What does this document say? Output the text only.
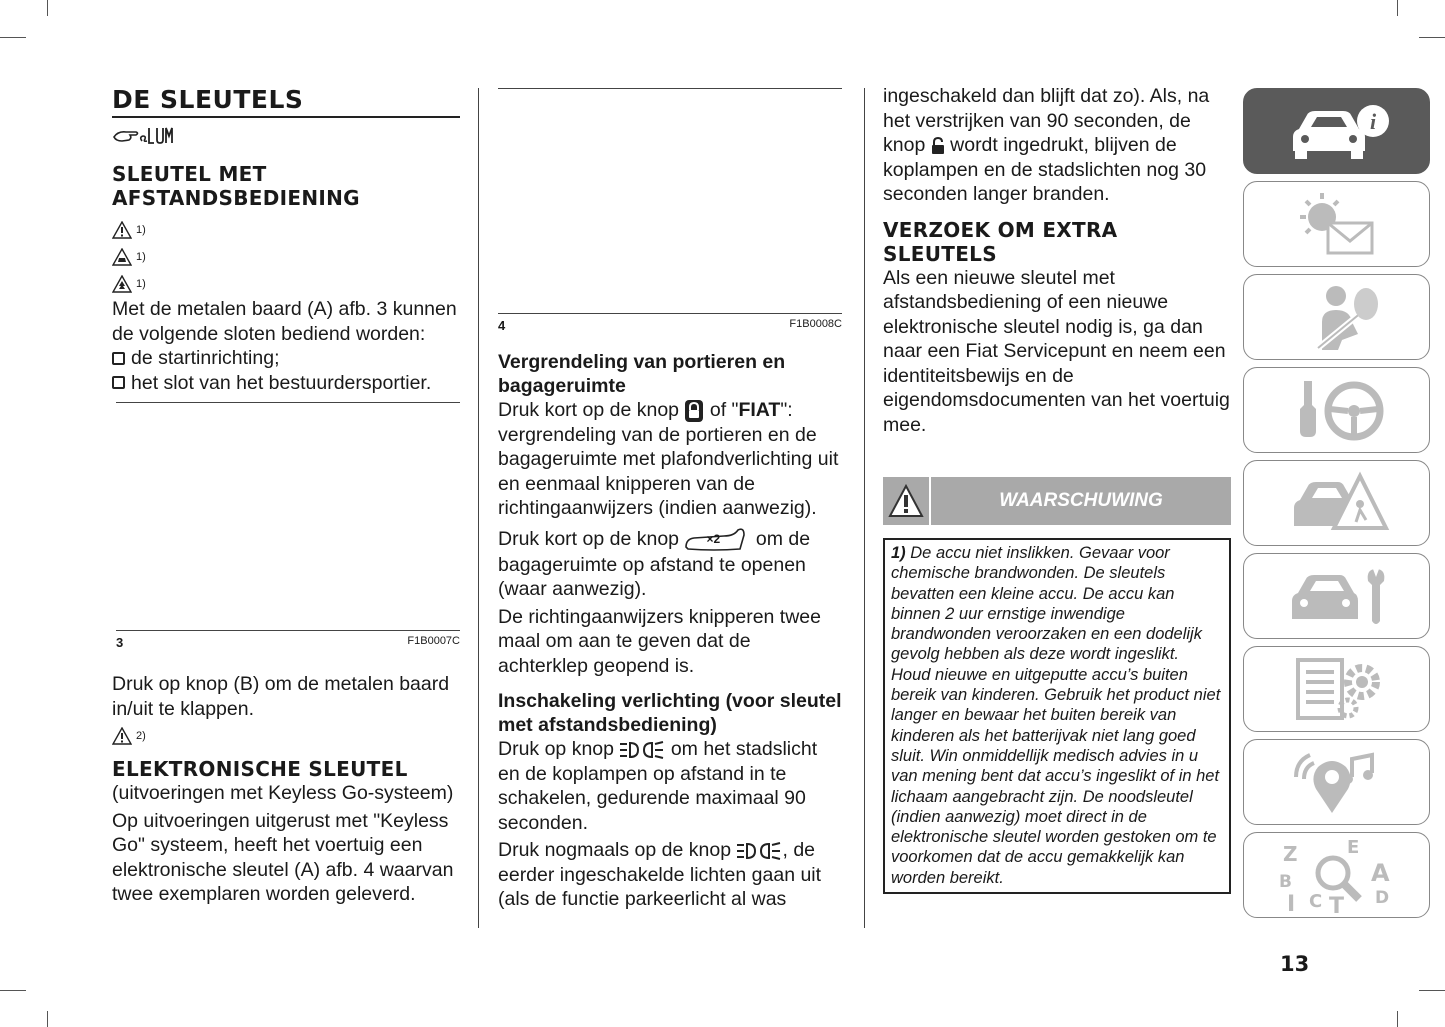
DE SLEUTELS
SLEUTEL MET AFSTANDSBEDIENING
1)
1)
1)

Met de metalen baard (A) afb. 3 kunnen de volgende sloten bediend worden:

de startinrichting;
het slot van het bestuurdersportier.
3	F1B0007C

Druk op knop (B) om de metalen baard in/uit te klappen.

2)
ELEKTRONISCHE SLEUTEL

(uitvoeringen met Keyless Go-systeem)

Op uitvoeringen uitgerust met "Keyless Go" systeem, heeft het voertuig een elektronische sleutel (A) afb. 4 waarvan twee exemplaren worden geleverd.

4	F1B0008C
Vergrendeling van portieren en bagageruimte

Druk kort op de knop of "FIAT": vergrendeling van de portieren en de bagageruimte met plafondverlichting uit en eenmaal knipperen van de richtingaanwijzers (indien aanwezig).

Druk kort op de knop ×2 om de bagageruimte op afstand te openen (waar aanwezig).

De richtingaanwijzers knipperen twee maal om aan te geven dat de achterklep geopend is.

Inschakeling verlichting (voor sleutel met afstandsbediening)

Druk op knop	om het stadslicht en de koplampen op afstand in te schakelen, gedurende maximaal 90 seconden.

Druk nogmaals op de knop	, de eerder ingeschakelde lichten gaan uit (als de functie parkeerlicht al was

ingeschakeld dan blijft dat zo). Als, na het verstrijken van 90 seconden, de knop wordt ingedrukt, blijven de koplampen en de stadslichten nog 30 seconden langer branden.

VERZOEK OM EXTRA SLEUTELS

Als een nieuwe sleutel met afstandsbediening of een nieuwe elektronische sleutel nodig is, ga dan naar een Fiat Servicepunt en neem een identiteitsbewijs en de eigendomsdocumenten van het voertuig mee.

WAARSCHUWING
1) De accu niet inslikken. Gevaar voor chemische brandwonden. De sleutels bevatten een kleine accu. De accu kan binnen 2 uur ernstige inwendige brandwonden veroorzaken en een dodelijk gevolg hebben als deze wordt ingeslikt. Houd nieuwe en uitgeputte accu’s buiten bereik van kinderen. Gebruik het product niet langer en bewaar het buiten bereik van kinderen als het batterijvak niet lang goed sluit. Win onmiddellijk medisch advies in u van mening bent dat accu’s ingeslikt of in het lichaam aangebracht zijn. De noodsleutel (indien aanwezig) moet direct in de elektronische sleutel worden gestoken om te voorkomen dat de accu gemakkelijk kan worden bereikt.
i
Z	E
A
B
C	D
I T
13
